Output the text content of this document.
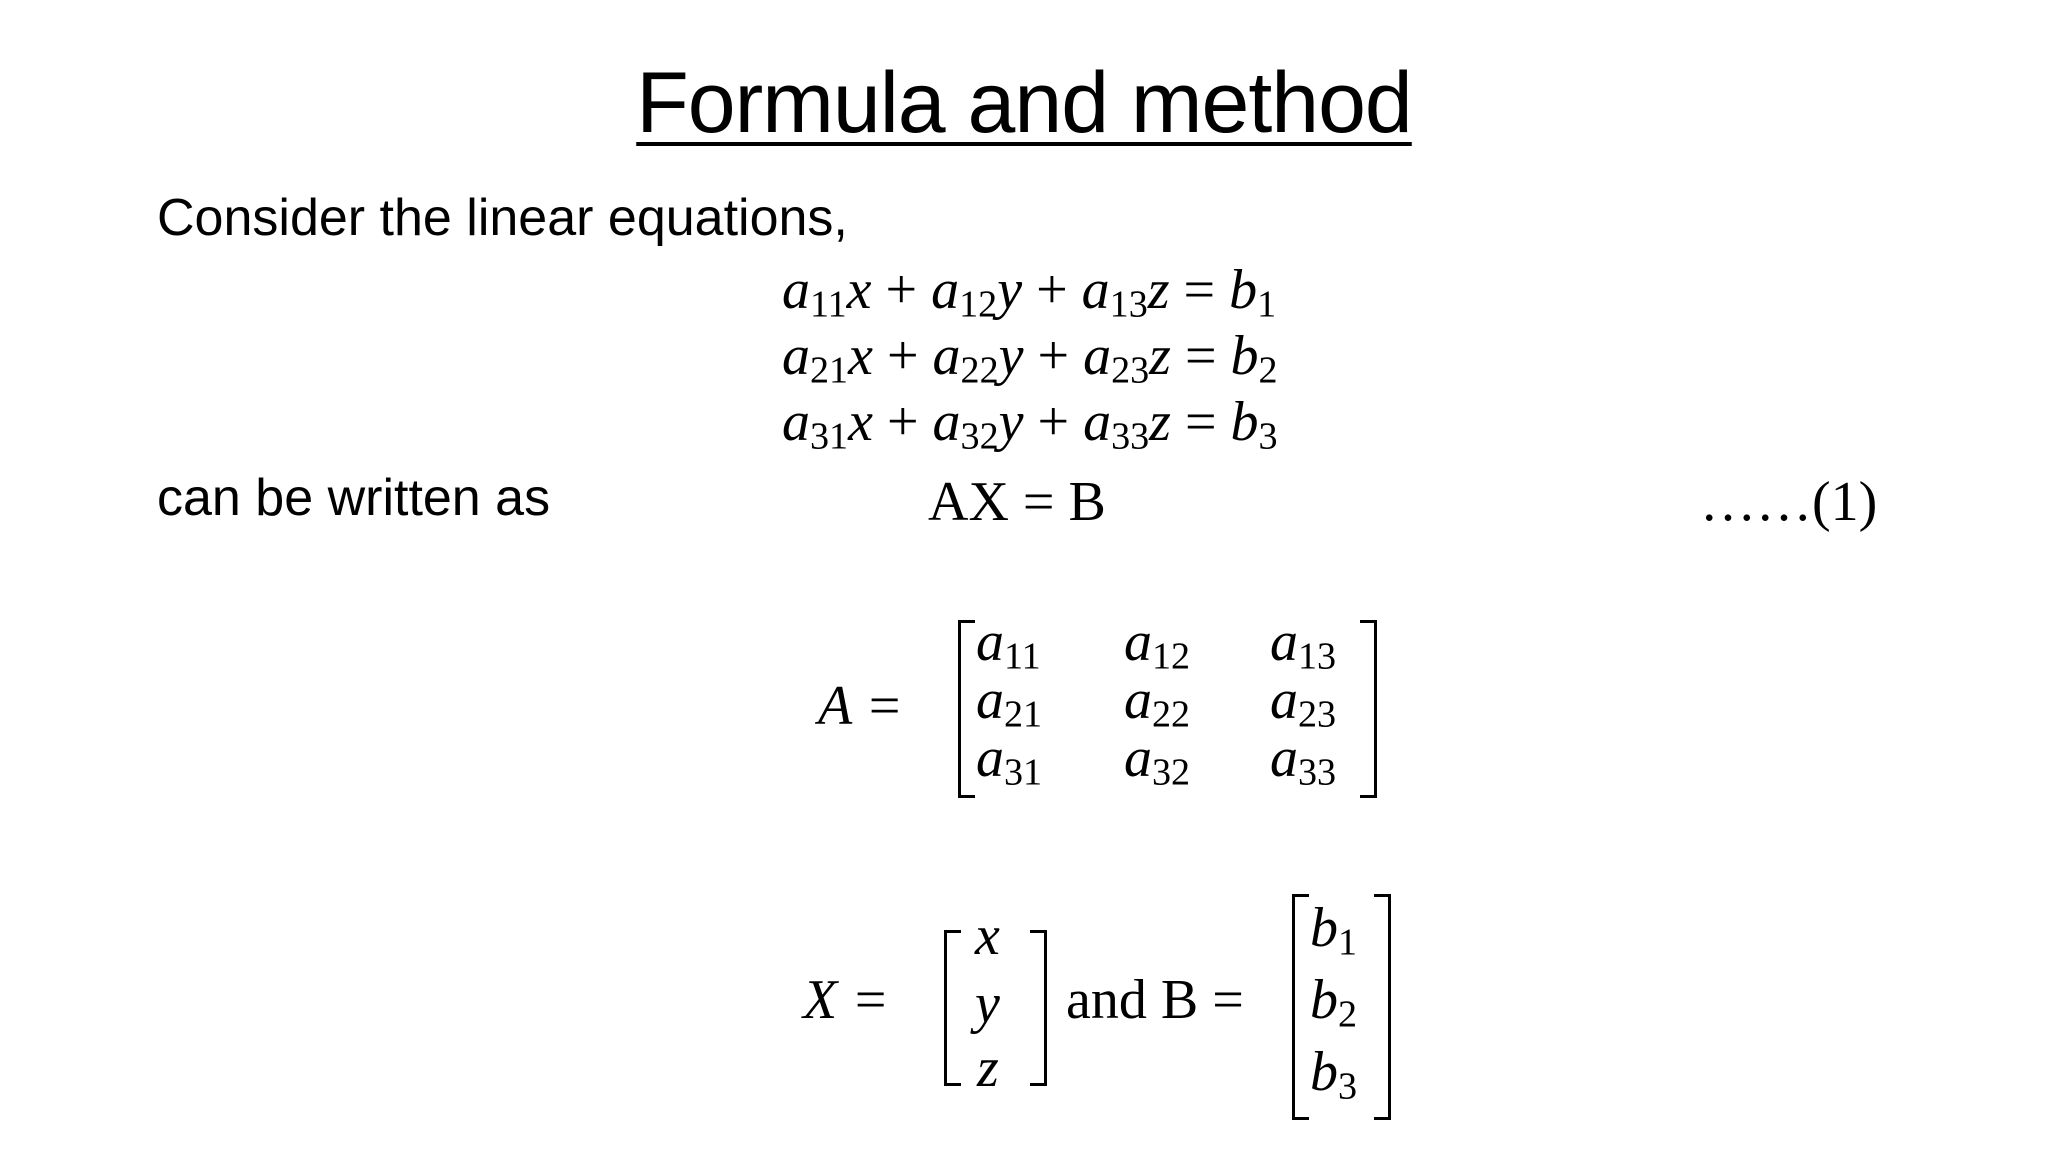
Formula and method
Consider the linear equations,
$a_{11}x + a_{12}y + a_{13}z = b_1$
$a_{21}x + a_{22}y + a_{23}z = b_2$
$a_{31}x + a_{32}y + a_{33}z = b_3$
can be written as	AX = B	……(1)
A =
$a_{11}$ $a_{12}$ $a_{13}$
$a_{21}$ $a_{22}$ $a_{23}$
$a_{31}$ $a_{32}$ $a_{33}$
X =
x
y
z
and B =
$b_1$
$b_2$
$b_3$
